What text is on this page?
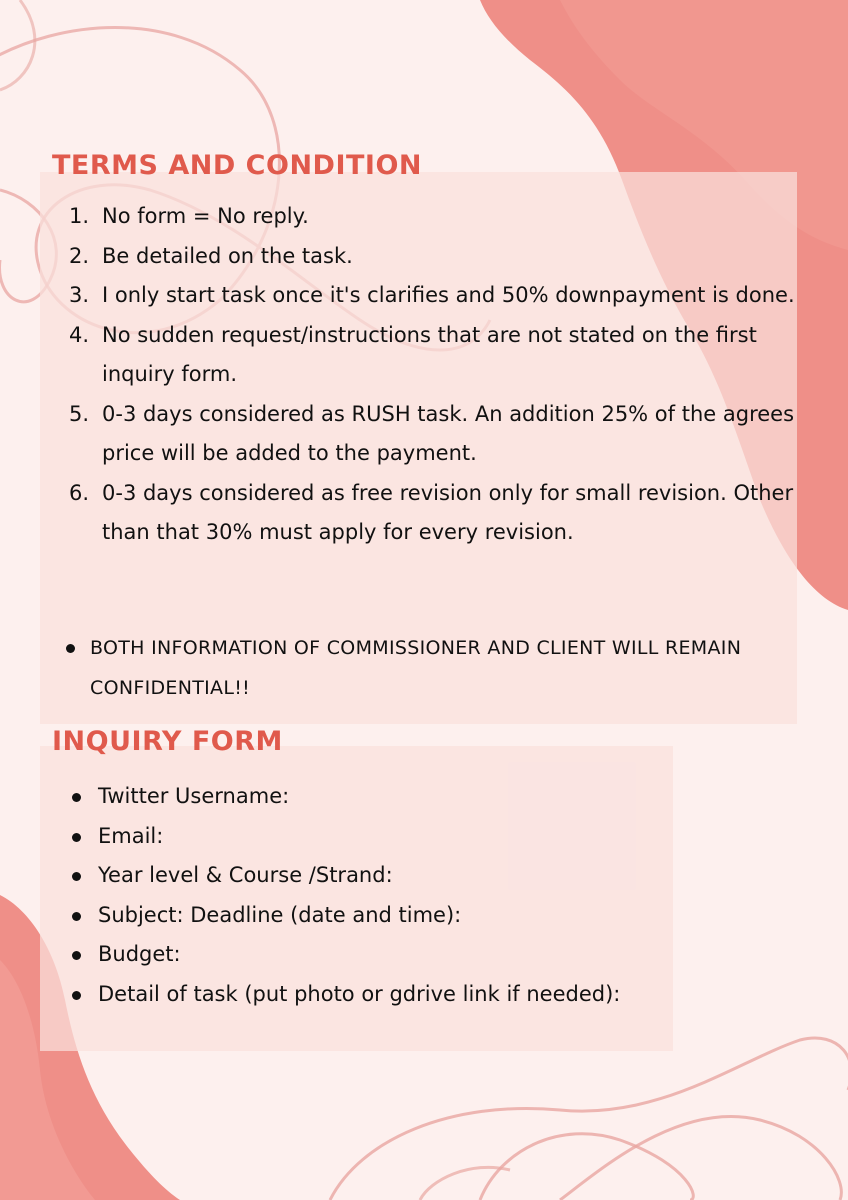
TERMS AND CONDITION
1. No form = No reply.
2. Be detailed on the task.
3. I only start task once it's clarifies and 50% downpayment is done.
4. No sudden request/instructions that are not stated on the first inquiry form.
5. 0-3 days considered as RUSH task. An addition 25% of the agrees price will be added to the payment.
6. 0-3 days considered as free revision only for small revision. Other than that 30% must apply for every revision.
BOTH INFORMATION OF COMMISSIONER AND CLIENT WILL REMAIN      CONFIDENTIAL!!
INQUIRY FORM
Twitter Username:
Email:
Year level & Course /Strand:
Subject: Deadline (date and time):
Budget:
Detail of task (put photo or gdrive link if needed):
